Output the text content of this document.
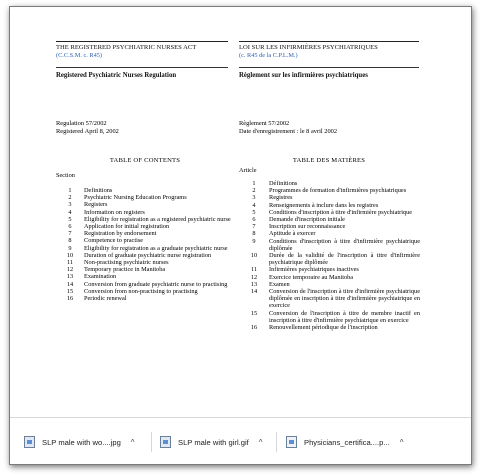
THE REGISTERED PSYCHIATRIC NURSES ACT
(C.C.S.M. c. R45)
Registered Psychiatric Nurses Regulation
LOI SUR LES INFIRMIÈRES PSYCHIATRIQUES
(c. R45 de la C.P.L.M.)
Règlement sur les infirmières psychiatriques
Regulation 57/2002
Registered April 8, 2002
Règlement 57/2002
Date d'enregistrement : le 8 avril 2002
TABLE OF CONTENTS	TABLE DES MATIÈRES
Section
Article
1	Definitions
2	Psychiatric Nursing Education Programs
3	Registers
4	Information on registers
5	Eligibility for registration as a registered psychiatric nurse
6	Application for initial registration
7	Registration by endorsement
8	Competence to practise
9	Eligibility for registration as a graduate psychiatric nurse
10	Duration of graduate psychiatric nurse registration
11	Non-practising psychiatric nurses
12	Temporary practice in Manitoba
13	Examination
14	Conversion from graduate psychiatric nurse to practising
15	Conversion from non-practising to practising
16	Periodic renewal
1	Définitions
2	Programmes de formation d'infirmières psychiatriques
3	Registres
4	Renseignements à inclure dans les registres
5	Conditions d'inscription à titre d'infirmière psychiatrique
6	Demande d'inscription initiale
7	Inscription sur reconnaissance
8	Aptitude à exercer
9	Conditions d'inscription à titre d'infirmière psychiatrique diplômée
10	Durée de la validité de l'inscription à titre d'infirmière psychiatrique diplômée
11	Infirmières psychiatriques inactives
12	Exercice temporaire au Manitoba
13	Examen
14	Conversion de l'inscription à titre d'infirmière psychiatrique diplômée en inscription à titre d'infirmière psychiatrique en exercice
15	Conversion de l'inscription à titre de membre inactif en inscription à titre d'infirmière psychiatrique en exercice
16	Renouvellement périodique de l'inscription
SLP male with wo....jpg ^	SLP male with girl.gif ^	Physicians_certifica....p... ^
